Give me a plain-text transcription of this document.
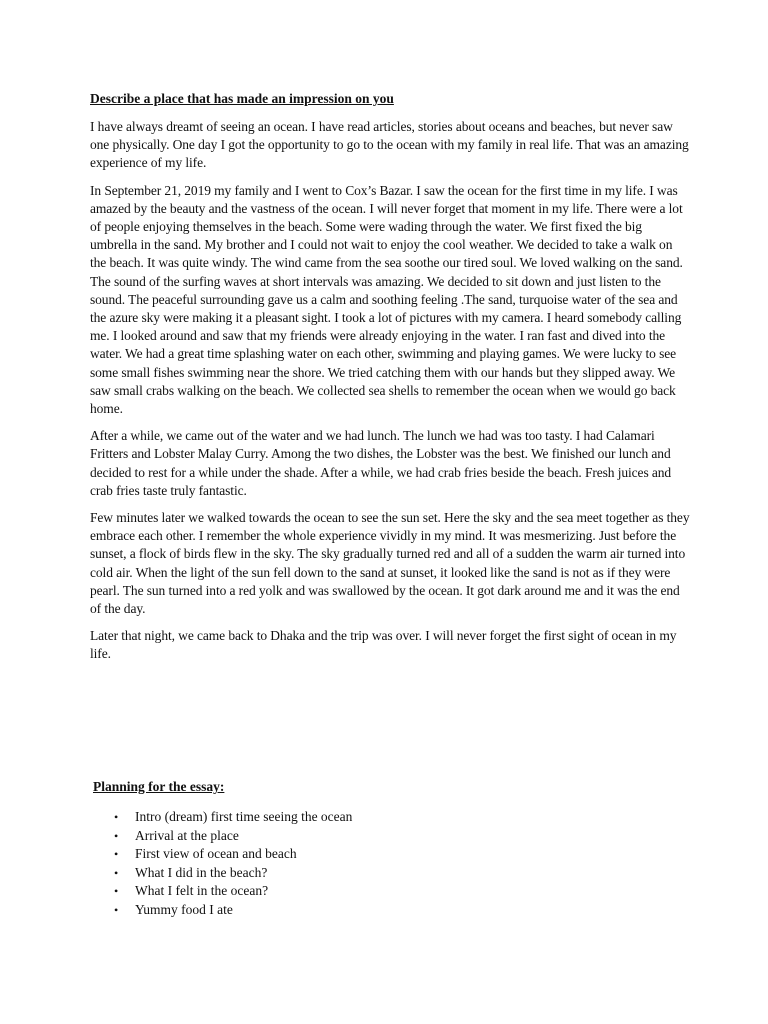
Describe a place that has made an impression on you

I have always dreamt of seeing an ocean. I have read articles, stories about oceans and beaches, but never saw one physically. One day I got the opportunity to go to the ocean with my family in real life. That was an amazing experience of my life.

In September 21, 2019 my family and I went to Cox’s Bazar. I saw the ocean for the first time in my life. I was amazed by the beauty and the vastness of the ocean. I will never forget that moment in my life. There were a lot of people enjoying themselves in the beach. Some were wading through the water. We first fixed the big umbrella in the sand. My brother and I could not wait to enjoy the cool weather. We decided to take a walk on the beach. It was quite windy. The wind came from the sea soothe our tired soul. We loved walking on the sand. The sound of the surfing waves at short intervals was amazing. We decided to sit down and just listen to the sound. The peaceful surrounding gave us a calm and soothing feeling .The sand, turquoise water of the sea and the azure sky were making it a pleasant sight. I took a lot of pictures with my camera. I heard somebody calling me. I looked around and saw that my friends were already enjoying in the water. I ran fast and dived into the water. We had a great time splashing water on each other, swimming and playing games. We were lucky to see some small fishes swimming near the shore. We tried catching them with our hands but they slipped away. We saw small crabs walking on the beach. We collected sea shells to remember the ocean when we would go back home.

After a while, we came out of the water and we had lunch. The lunch we had was too tasty. I had Calamari Fritters and Lobster Malay Curry. Among the two dishes, the Lobster was the best. We finished our lunch and decided to rest for a while under the shade. After a while, we had crab fries beside the beach. Fresh juices and crab fries taste truly fantastic.

Few minutes later we walked towards the ocean to see the sun set. Here the sky and the sea meet together as they embrace each other. I remember the whole experience vividly in my mind. It was mesmerizing. Just before the sunset, a flock of birds flew in the sky. The sky gradually turned red and all of a sudden the warm air turned into cold air. When the light of the sun fell down to the sand at sunset, it looked like the sand is not as if they were pearl. The sun turned into a red yolk and was swallowed by the ocean. It got dark around me and it was the end of the day.

Later that night, we came back to Dhaka and the trip was over. I will never forget the first sight of ocean in my life.

Planning for the essay:
• Intro (dream) first time seeing the ocean
• Arrival at the place
• First view of ocean and beach
• What I did in the beach?
• What I felt in the ocean?
• Yummy food I ate
